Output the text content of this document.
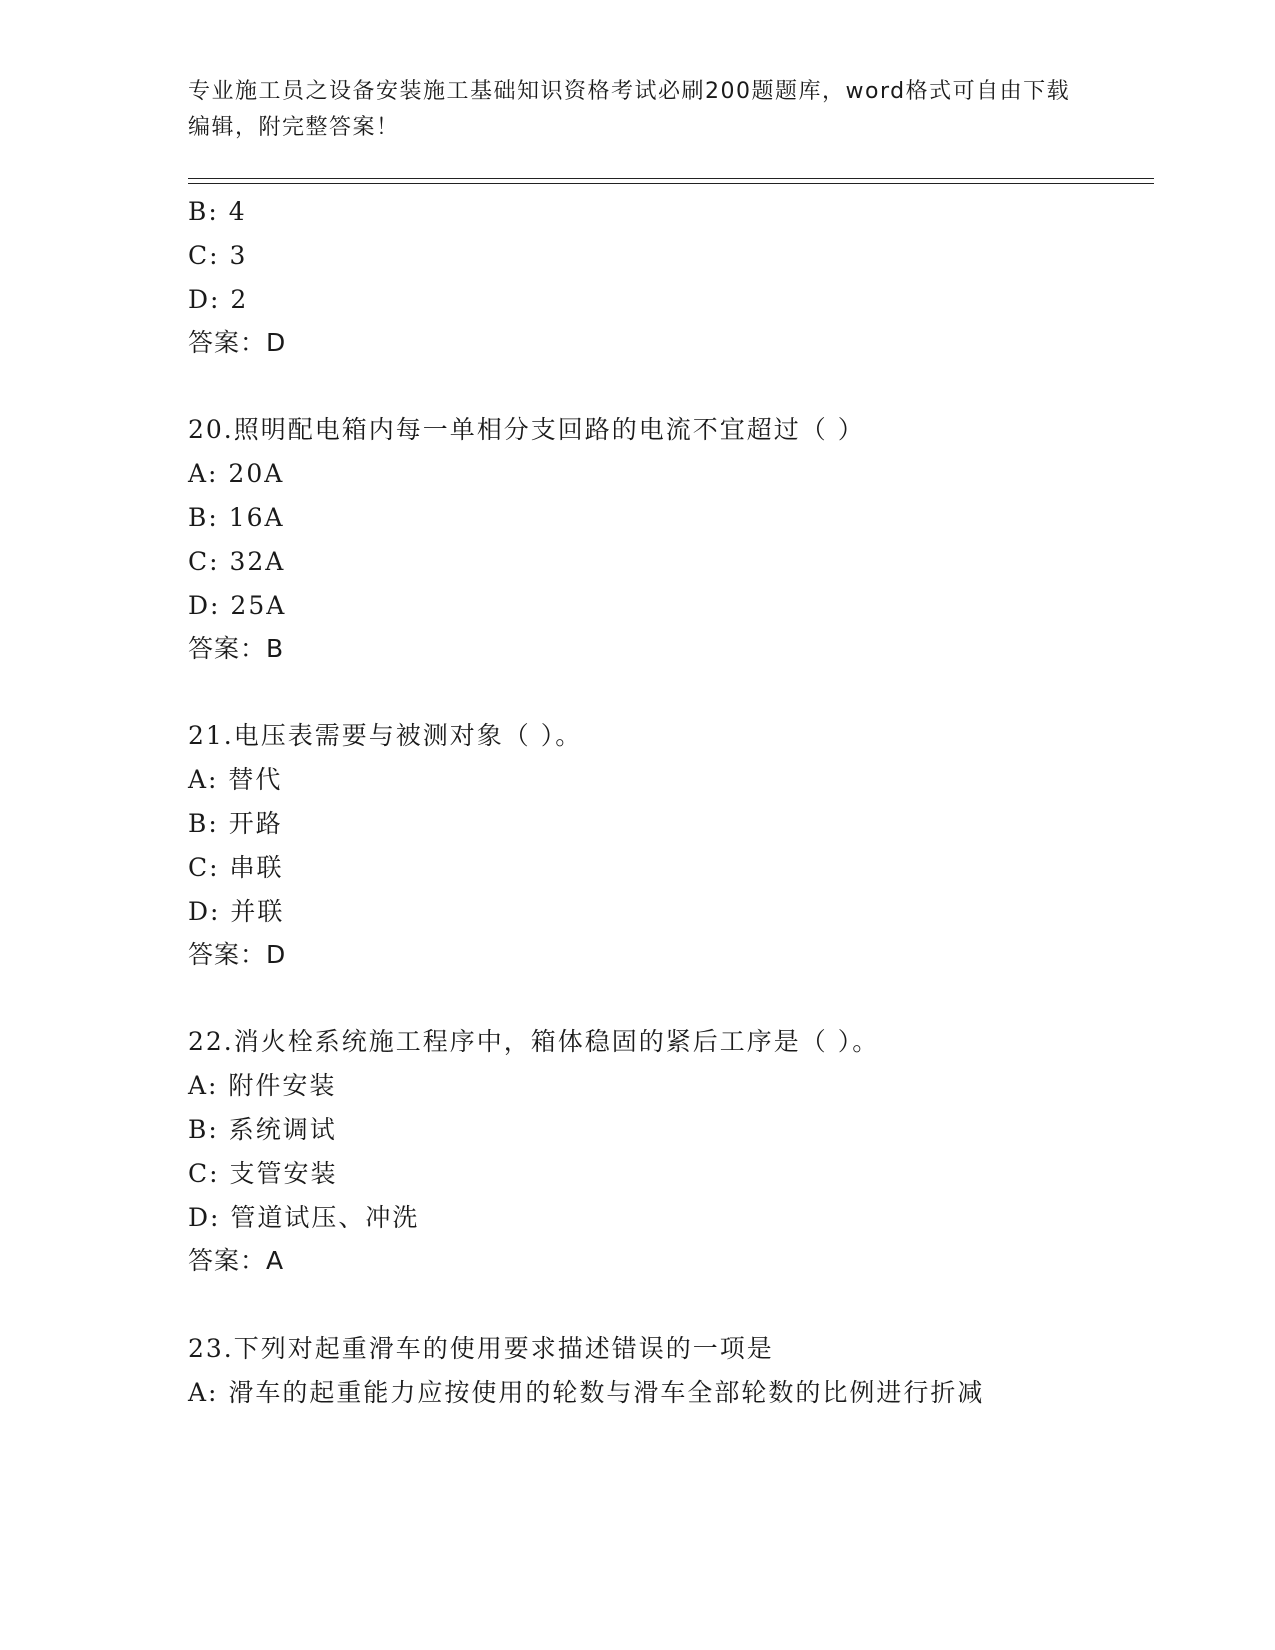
专业施工员之设备安装施工基础知识资格考试必刷200题题库，word格式可自由下载编辑，附完整答案！
B: 4
C: 3
D: 2
答案：D
20.照明配电箱内每一单相分支回路的电流不宜超过（ ）
A: 20A
B: 16A
C: 32A
D: 25A
答案：B
21.电压表需要与被测对象（ ）。
A: 替代
B: 开路
C: 串联
D: 并联
答案：D
22.消火栓系统施工程序中，箱体稳固的紧后工序是（ ）。
A: 附件安装
B: 系统调试
C: 支管安装
D: 管道试压、冲洗
答案：A
23.下列对起重滑车的使用要求描述错误的一项是
A: 滑车的起重能力应按使用的轮数与滑车全部轮数的比例进行折减
